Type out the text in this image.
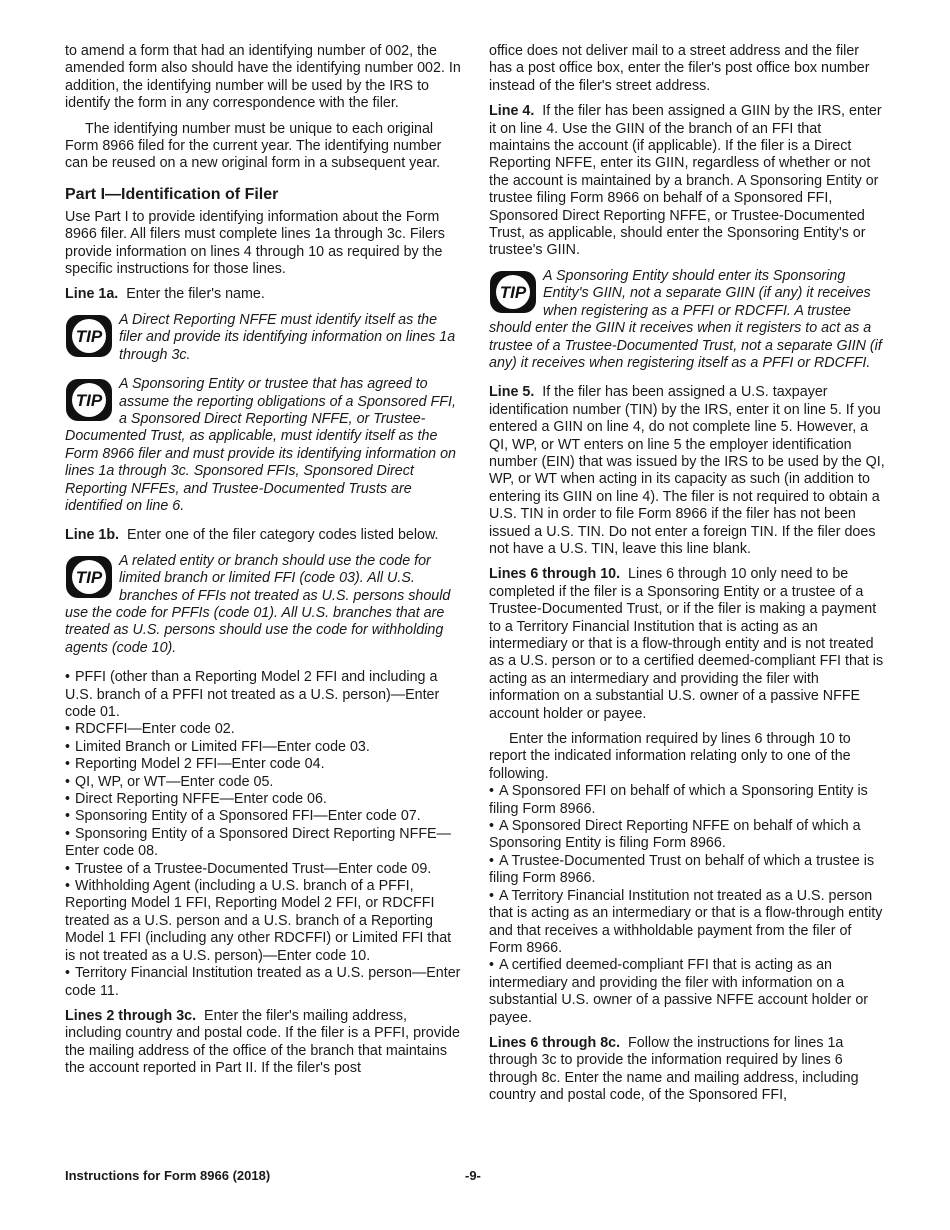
to amend a form that had an identifying number of 002, the amended form also should have the identifying number 002. In addition, the identifying number will be used by the IRS to identify the form in any correspondence with the filer.

The identifying number must be unique to each original Form 8966 filed for the current year. The identifying number can be reused on a new original form in a subsequent year.

Part I—Identification of Filer

Use Part I to provide identifying information about the Form 8966 filer. All filers must complete lines 1a through 3c. Filers provide information on lines 4 through 10 as required by the specific instructions for those lines.

Line 1a. Enter the filer's name.

TIP
A Direct Reporting NFFE must identify itself as the filer and provide its identifying information on lines 1a through 3c.
TIP
A Sponsoring Entity or trustee that has agreed to assume the reporting obligations of a Sponsored FFI, a Sponsored Direct Reporting NFFE, or Trustee-Documented Trust, as applicable, must identify itself as the Form 8966 filer and must provide its identifying information on lines 1a through 3c. Sponsored FFIs, Sponsored Direct Reporting NFFEs, and Trustee-Documented Trusts are identified on line 6.

Line 1b. Enter one of the filer category codes listed below.

TIP
A related entity or branch should use the code for limited branch or limited FFI (code 03). All U.S. branches of FFIs not treated as U.S. persons should use the code for PFFIs (code 01). All U.S. branches that are treated as U.S. persons should use the code for withholding agents (code 10).

• PFFI (other than a Reporting Model 2 FFI and including a U.S. branch of a PFFI not treated as a U.S. person)—Enter code 01.

• RDCFFI—Enter code 02.

• Limited Branch or Limited FFI—Enter code 03.

• Reporting Model 2 FFI—Enter code 04.

• QI, WP, or WT—Enter code 05.

• Direct Reporting NFFE—Enter code 06.

• Sponsoring Entity of a Sponsored FFI—Enter code 07.

• Sponsoring Entity of a Sponsored Direct Reporting NFFE—Enter code 08.

• Trustee of a Trustee-Documented Trust—Enter code 09.

• Withholding Agent (including a U.S. branch of a PFFI, Reporting Model 1 FFI, Reporting Model 2 FFI, or RDCFFI treated as a U.S. person and a U.S. branch of a Reporting Model 1 FFI (including any other RDCFFI) or Limited FFI that is not treated as a U.S. person)—Enter code 10.

• Territory Financial Institution treated as a U.S. person—Enter code 11.

Lines 2 through 3c. Enter the filer's mailing address, including country and postal code. If the filer is a PFFI, provide the mailing address of the office of the branch that maintains the account reported in Part II. If the filer's post

office does not deliver mail to a street address and the filer has a post office box, enter the filer's post office box number instead of the filer's street address.

Line 4. If the filer has been assigned a GIIN by the IRS, enter it on line 4. Use the GIIN of the branch of an FFI that maintains the account (if applicable). If the filer is a Direct Reporting NFFE, enter its GIIN, regardless of whether or not the account is maintained by a branch. A Sponsoring Entity or trustee filing Form 8966 on behalf of a Sponsored FFI, Sponsored Direct Reporting NFFE, or Trustee-Documented Trust, as applicable, should enter the Sponsoring Entity's or trustee's GIIN.

TIP
A Sponsoring Entity should enter its Sponsoring Entity's GIIN, not a separate GIIN (if any) it receives when registering as a PFFI or RDCFFI. A trustee should enter the GIIN it receives when it registers to act as a trustee of a Trustee-Documented Trust, not a separate GIIN (if any) it receives when registering itself as a PFFI or RDCFFI.

Line 5. If the filer has been assigned a U.S. taxpayer identification number (TIN) by the IRS, enter it on line 5. If you entered a GIIN on line 4, do not complete line 5. However, a QI, WP, or WT enters on line 5 the employer identification number (EIN) that was issued by the IRS to be used by the QI, WP, or WT when acting in its capacity as such (in addition to entering its GIIN on line 4). The filer is not required to obtain a U.S. TIN in order to file Form 8966 if the filer has not been issued a U.S. TIN. Do not enter a foreign TIN. If the filer does not have a U.S. TIN, leave this line blank.

Lines 6 through 10. Lines 6 through 10 only need to be completed if the filer is a Sponsoring Entity or a trustee of a Trustee-Documented Trust, or if the filer is making a payment to a Territory Financial Institution that is acting as an intermediary or that is a flow-through entity and is not treated as a U.S. person or to a certified deemed-compliant FFI that is acting as an intermediary and providing the filer with information on a substantial U.S. owner of a passive NFFE account holder or payee.

Enter the information required by lines 6 through 10 to report the indicated information relating only to one of the following.

• A Sponsored FFI on behalf of which a Sponsoring Entity is filing Form 8966.

• A Sponsored Direct Reporting NFFE on behalf of which a Sponsoring Entity is filing Form 8966.

• A Trustee-Documented Trust on behalf of which a trustee is filing Form 8966.

• A Territory Financial Institution not treated as a U.S. person that is acting as an intermediary or that is a flow-through entity and that receives a withholdable payment from the filer of Form 8966.

• A certified deemed-compliant FFI that is acting as an intermediary and providing the filer with information on a substantial U.S. owner of a passive NFFE account holder or payee.

Lines 6 through 8c. Follow the instructions for lines 1a through 3c to provide the information required by lines 6 through 8c. Enter the name and mailing address, including country and postal code, of the Sponsored FFI,

Instructions for Form 8966 (2018)	-9-
